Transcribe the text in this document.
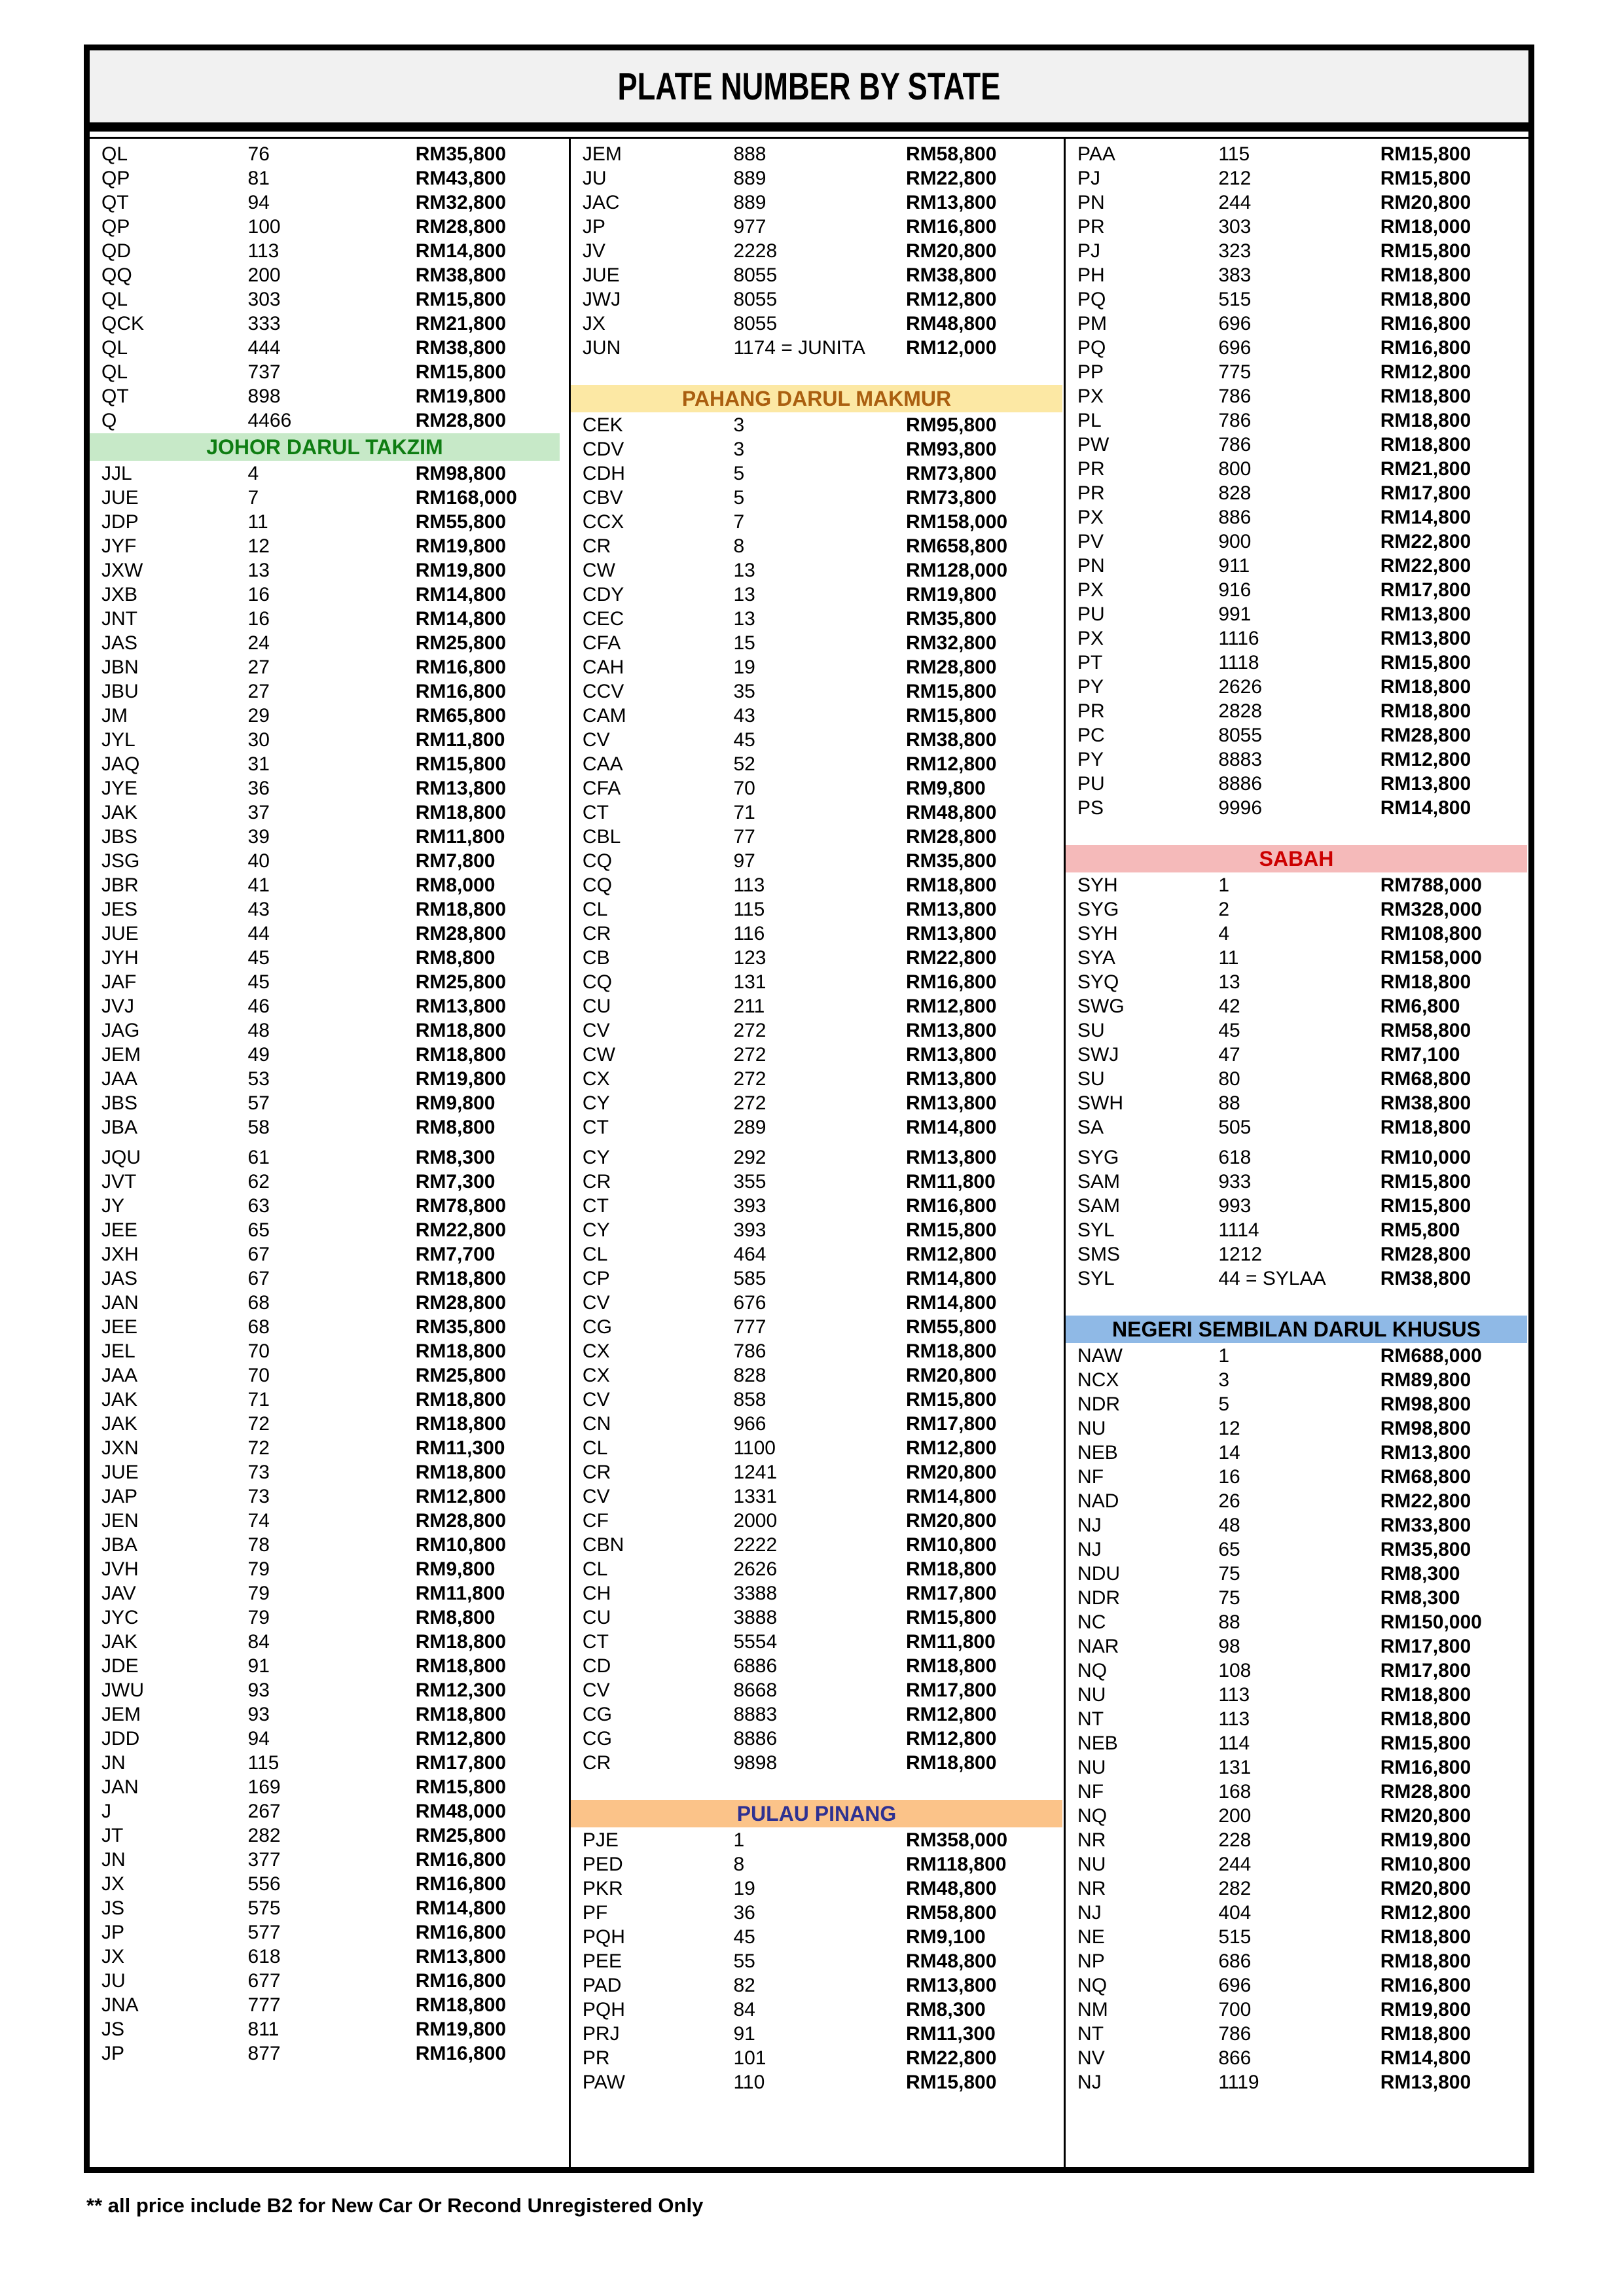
PLATE NUMBER BY STATE
QL	76	RM35,800
QP	81	RM43,800
QT	94	RM32,800
QP	100	RM28,800
QD	113	RM14,800
QQ	200	RM38,800
QL	303	RM15,800
QCK	333	RM21,800
QL	444	RM38,800
QL	737	RM15,800
QT	898	RM19,800
Q	4466	RM28,800
JOHOR DARUL TAKZIM
JJL	4	RM98,800
JUE	7	RM168,000
JDP	11	RM55,800
JYF	12	RM19,800
JXW	13	RM19,800
JXB	16	RM14,800
JNT	16	RM14,800
JAS	24	RM25,800
JBN	27	RM16,800
JBU	27	RM16,800
JM	29	RM65,800
JYL	30	RM11,800
JAQ	31	RM15,800
JYE	36	RM13,800
JAK	37	RM18,800
JBS	39	RM11,800
JSG	40	RM7,800
JBR	41	RM8,000
JES	43	RM18,800
JUE	44	RM28,800
JYH	45	RM8,800
JAF	45	RM25,800
JVJ	46	RM13,800
JAG	48	RM18,800
JEM	49	RM18,800
JAA	53	RM19,800
JBS	57	RM9,800
JBA	58	RM8,800
JQU	61	RM8,300
JVT	62	RM7,300
JY	63	RM78,800
JEE	65	RM22,800
JXH	67	RM7,700
JAS	67	RM18,800
JAN	68	RM28,800
JEE	68	RM35,800
JEL	70	RM18,800
JAA	70	RM25,800
JAK	71	RM18,800
JAK	72	RM18,800
JXN	72	RM11,300
JUE	73	RM18,800
JAP	73	RM12,800
JEN	74	RM28,800
JBA	78	RM10,800
JVH	79	RM9,800
JAV	79	RM11,800
JYC	79	RM8,800
JAK	84	RM18,800
JDE	91	RM18,800
JWU	93	RM12,300
JEM	93	RM18,800
JDD	94	RM12,800
JN	115	RM17,800
JAN	169	RM15,800
J	267	RM48,000
JT	282	RM25,800
JN	377	RM16,800
JX	556	RM16,800
JS	575	RM14,800
JP	577	RM16,800
JX	618	RM13,800
JU	677	RM16,800
JNA	777	RM18,800
JS	811	RM19,800
JP	877	RM16,800
JEM	888	RM58,800
JU	889	RM22,800
JAC	889	RM13,800
JP	977	RM16,800
JV	2228	RM20,800
JUE	8055	RM38,800
JWJ	8055	RM12,800
JX	8055	RM48,800
JUN	1174 = JUNITA	RM12,000
PAHANG DARUL MAKMUR
CEK	3	RM95,800
CDV	3	RM93,800
CDH	5	RM73,800
CBV	5	RM73,800
CCX	7	RM158,000
CR	8	RM658,800
CW	13	RM128,000
CDY	13	RM19,800
CEC	13	RM35,800
CFA	15	RM32,800
CAH	19	RM28,800
CCV	35	RM15,800
CAM	43	RM15,800
CV	45	RM38,800
CAA	52	RM12,800
CFA	70	RM9,800
CT	71	RM48,800
CBL	77	RM28,800
CQ	97	RM35,800
CQ	113	RM18,800
CL	115	RM13,800
CR	116	RM13,800
CB	123	RM22,800
CQ	131	RM16,800
CU	211	RM12,800
CV	272	RM13,800
CW	272	RM13,800
CX	272	RM13,800
CY	272	RM13,800
CT	289	RM14,800
CY	292	RM13,800
CR	355	RM11,800
CT	393	RM16,800
CY	393	RM15,800
CL	464	RM12,800
CP	585	RM14,800
CV	676	RM14,800
CG	777	RM55,800
CX	786	RM18,800
CX	828	RM20,800
CV	858	RM15,800
CN	966	RM17,800
CL	1100	RM12,800
CR	1241	RM20,800
CV	1331	RM14,800
CF	2000	RM20,800
CBN	2222	RM10,800
CL	2626	RM18,800
CH	3388	RM17,800
CU	3888	RM15,800
CT	5554	RM11,800
CD	6886	RM18,800
CV	8668	RM17,800
CG	8883	RM12,800
CG	8886	RM12,800
CR	9898	RM18,800
PULAU PINANG
PJE	1	RM358,000
PED	8	RM118,800
PKR	19	RM48,800
PF	36	RM58,800
PQH	45	RM9,100
PEE	55	RM48,800
PAD	82	RM13,800
PQH	84	RM8,300
PRJ	91	RM11,300
PR	101	RM22,800
PAW	110	RM15,800
PAA	115	RM15,800
PJ	212	RM15,800
PN	244	RM20,800
PR	303	RM18,000
PJ	323	RM15,800
PH	383	RM18,800
PQ	515	RM18,800
PM	696	RM16,800
PQ	696	RM16,800
PP	775	RM12,800
PX	786	RM18,800
PL	786	RM18,800
PW	786	RM18,800
PR	800	RM21,800
PR	828	RM17,800
PX	886	RM14,800
PV	900	RM22,800
PN	911	RM22,800
PX	916	RM17,800
PU	991	RM13,800
PX	1116	RM13,800
PT	1118	RM15,800
PY	2626	RM18,800
PR	2828	RM18,800
PC	8055	RM28,800
PY	8883	RM12,800
PU	8886	RM13,800
PS	9996	RM14,800
SABAH
SYH	1	RM788,000
SYG	2	RM328,000
SYH	4	RM108,800
SYA	11	RM158,000
SYQ	13	RM18,800
SWG	42	RM6,800
SU	45	RM58,800
SWJ	47	RM7,100
SU	80	RM68,800
SWH	88	RM38,800
SA	505	RM18,800
SYG	618	RM10,000
SAM	933	RM15,800
SAM	993	RM15,800
SYL	1114	RM5,800
SMS	1212	RM28,800
SYL	44 = SYLAA	RM38,800
NEGERI SEMBILAN DARUL KHUSUS
NAW	1	RM688,000
NCX	3	RM89,800
NDR	5	RM98,800
NU	12	RM98,800
NEB	14	RM13,800
NF	16	RM68,800
NAD	26	RM22,800
NJ	48	RM33,800
NJ	65	RM35,800
NDU	75	RM8,300
NDR	75	RM8,300
NC	88	RM150,000
NAR	98	RM17,800
NQ	108	RM17,800
NU	113	RM18,800
NT	113	RM18,800
NEB	114	RM15,800
NU	131	RM16,800
NF	168	RM28,800
NQ	200	RM20,800
NR	228	RM19,800
NU	244	RM10,800
NR	282	RM20,800
NJ	404	RM12,800
NE	515	RM18,800
NP	686	RM18,800
NQ	696	RM16,800
NM	700	RM19,800
NT	786	RM18,800
NV	866	RM14,800
NJ	1119	RM13,800
** all price include B2 for New Car Or Recond Unregistered Only
